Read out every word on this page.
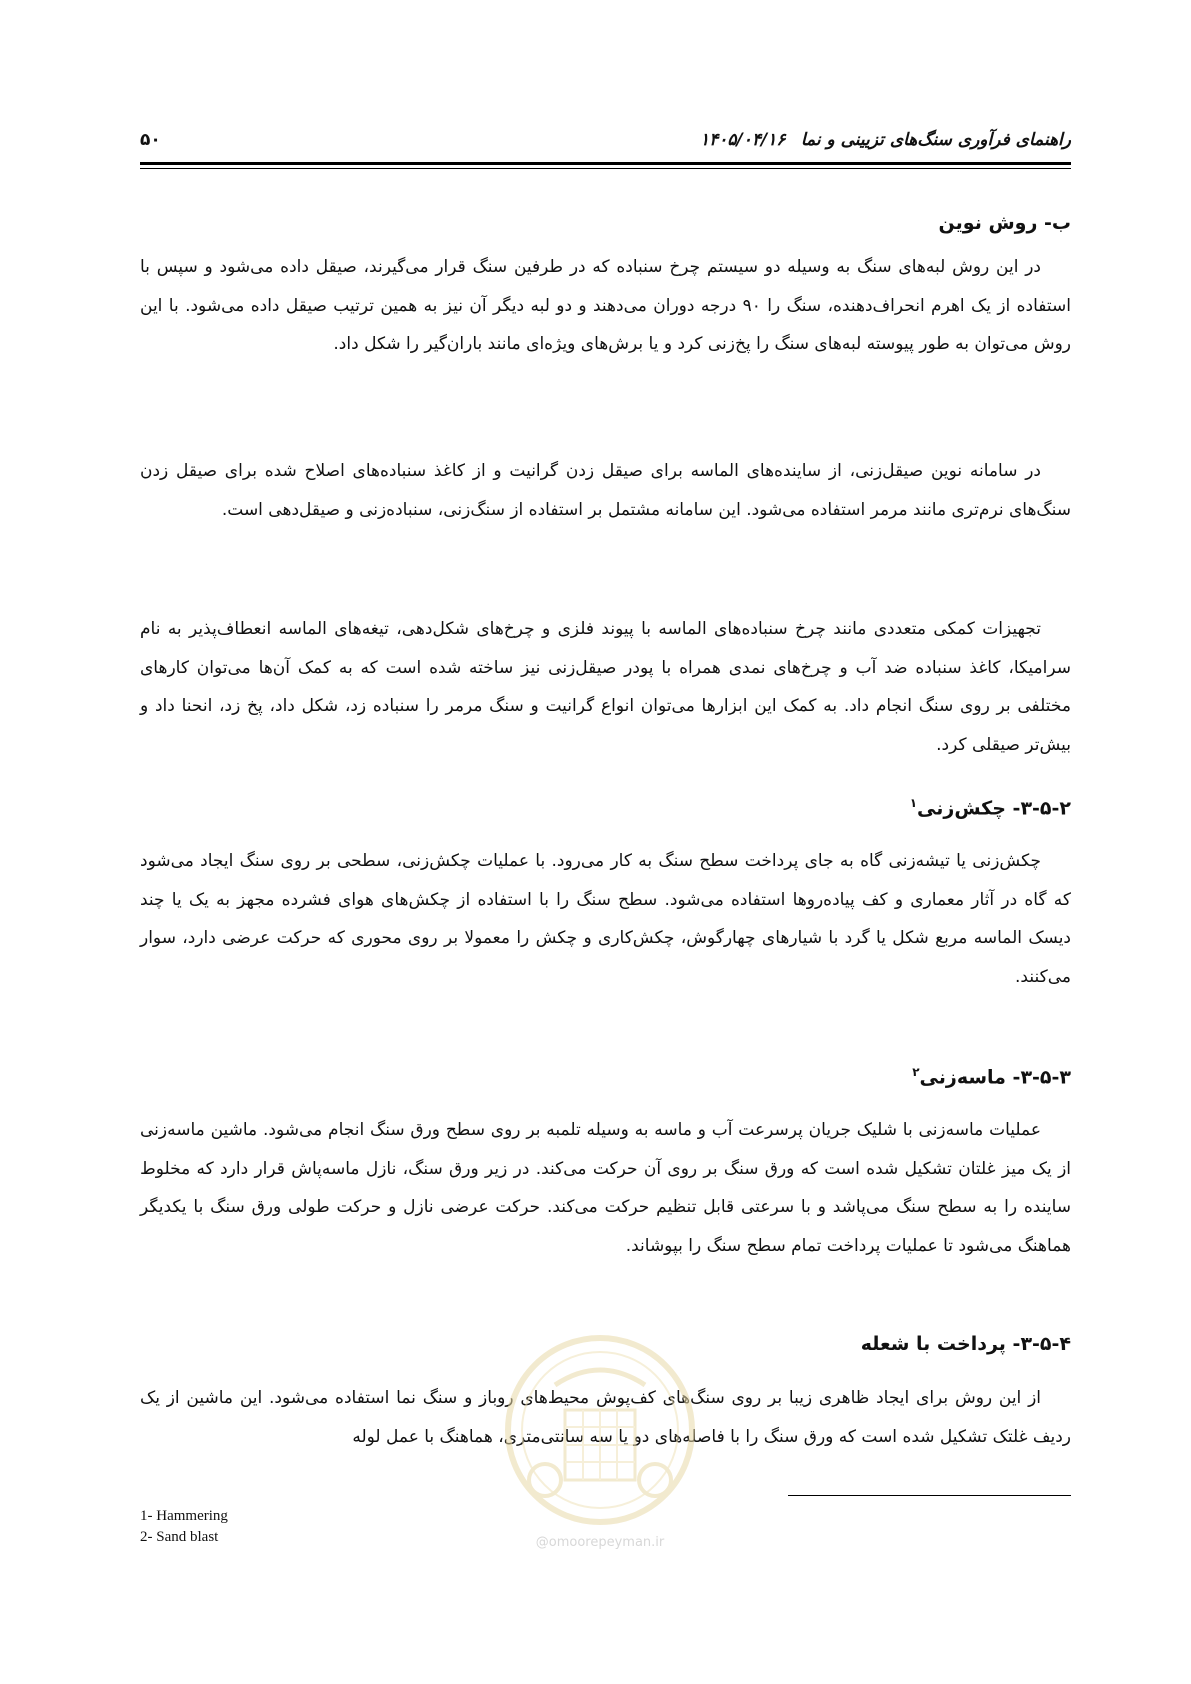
۵۰	۱۴۰۵/۰۴/۱۶ راهنمای فرآوری سنگ‌های تزیینی و نما
ب- روش نوین

در این روش لبه‌های سنگ به وسیله دو سیستم چرخ سنباده که در طرفین سنگ قرار می‌گیرند، صیقل داده می‌شود و سپس با استفاده از یک اهرم انحراف‌دهنده، سنگ را ۹۰ درجه دوران می‌دهند و دو لبه دیگر آن نیز به همین ترتیب صیقل داده می‌شود. با این روش می‌توان به طور پیوسته لبه‌های سنگ را پخ‌زنی کرد و یا برش‌های ویژه‌ای مانند باران‌گیر را شکل داد.

در سامانه نوین صیقل‌زنی، از ساینده‌های الماسه برای صیقل زدن گرانیت و از کاغذ سنباده‌های اصلاح شده برای صیقل زدن سنگ‌های نرم‌تری مانند مرمر استفاده می‌شود. این سامانه مشتمل بر استفاده از سنگ‌زنی، سنباده‌زنی و صیقل‌دهی است.

تجهیزات کمکی متعددی مانند چرخ سنباده‌های الماسه با پیوند فلزی و چرخ‌های شکل‌دهی، تیغه‌های الماسه انعطاف‌پذیر به نام سرامیکا، کاغذ سنباده ضد آب و چرخ‌های نمدی همراه با پودر صیقل‌زنی نیز ساخته شده است که به کمک آن‌ها می‌توان کارهای مختلفی بر روی سنگ انجام داد. به کمک این ابزارها می‌توان انواع گرانیت و سنگ مرمر را سنباده زد، شکل داد، پخ زد، انحنا داد و بیش‌تر صیقلی کرد.

۳-۵-۲- چکش‌زنی$^۱$

چکش‌زنی یا تیشه‌زنی گاه به جای پرداخت سطح سنگ به کار می‌رود. با عملیات چکش‌زنی، سطحی بر روی سنگ ایجاد می‌شود که گاه در آثار معماری و کف پیاده‌روها استفاده می‌شود. سطح سنگ را با استفاده از چکش‌های هوای فشرده مجهز به یک یا چند دیسک الماسه مربع شکل یا گرد با شیارهای چهارگوش، چکش‌کاری و چکش را معمولا بر روی محوری که حرکت عرضی دارد، سوار می‌کنند.

۳-۵-۳- ماسه‌زنی$^۲$

عملیات ماسه‌زنی با شلیک جریان پرسرعت آب و ماسه به وسیله تلمبه بر روی سطح ورق سنگ انجام می‌شود. ماشین ماسه‌زنی از یک میز غلتان تشکیل شده است که ورق سنگ بر روی آن حرکت می‌کند. در زیر ورق سنگ، نازل ماسه‌پاش قرار دارد که مخلوط ساینده را به سطح سنگ می‌پاشد و با سرعتی قابل تنظیم حرکت می‌کند. حرکت عرضی نازل و حرکت طولی ورق سنگ با یکدیگر هماهنگ می‌شود تا عملیات پرداخت تمام سطح سنگ را بپوشاند.

۳-۵-۴- پرداخت با شعله

از این روش برای ایجاد ظاهری زیبا بر روی سنگ‌های کف‌پوش محیط‌های روباز و سنگ نما استفاده می‌شود. این ماشین از یک ردیف غلتک تشکیل شده است که ورق سنگ را با فاصله‌های دو یا سه سانتی‌متری، هماهنگ با عمل لوله

@omoorepeyman.ir
1- Hammering
2- Sand blast
